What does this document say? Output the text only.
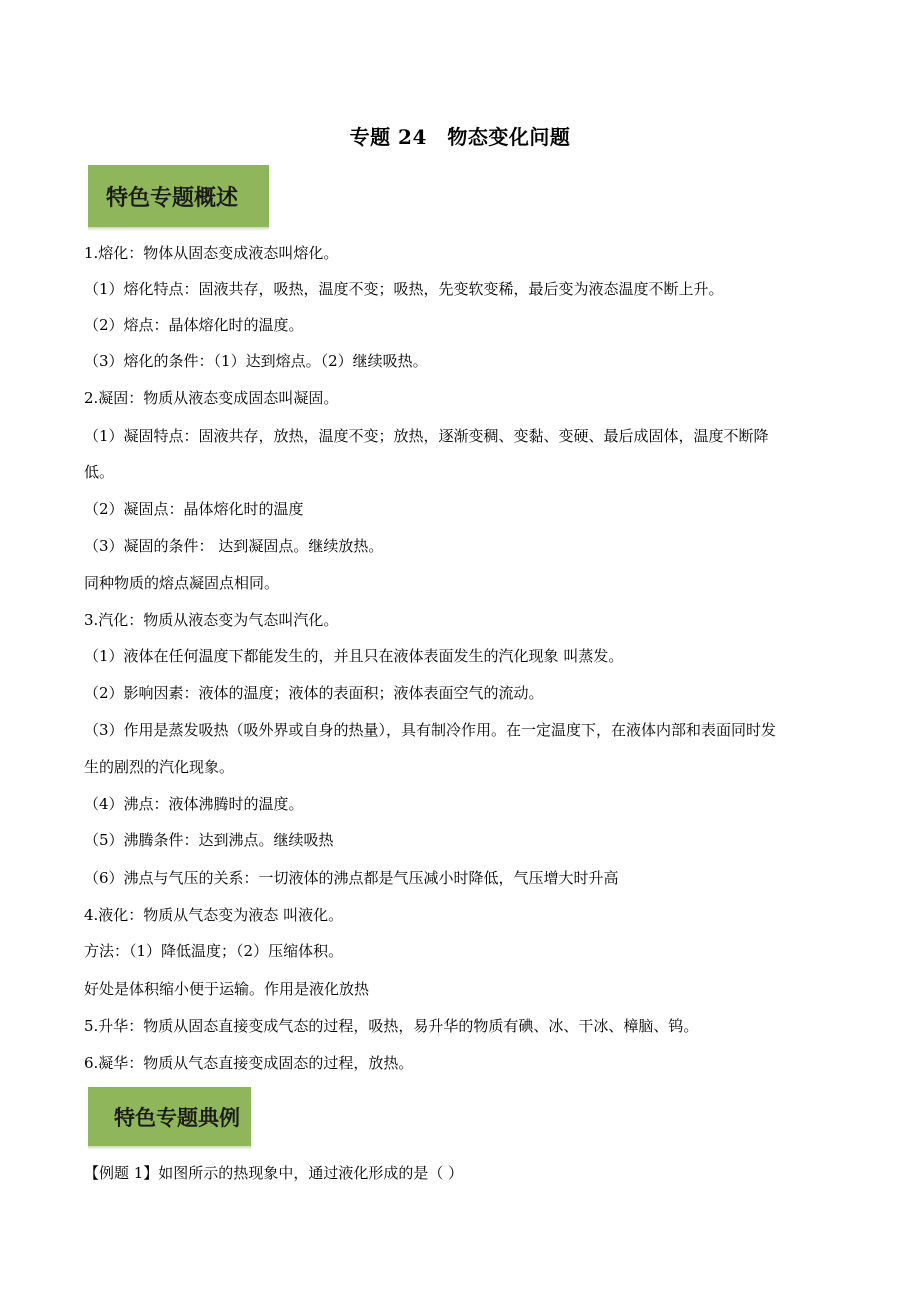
专题 24　物态变化问题
特色专题概述
1.熔化：物体从固态变成液态叫熔化。
（1）熔化特点：固液共存，吸热，温度不变；吸热，先变软变稀，最后变为液态温度不断上升。
（2）熔点：晶体熔化时的温度。
（3）熔化的条件：（1）达到熔点。（2）继续吸热。
2.凝固：物质从液态变成固态叫凝固。
（1）凝固特点：固液共存，放热，温度不变；放热，逐渐变稠、变黏、变硬、最后成固体，温度不断降
低。
（2）凝固点：晶体熔化时的温度
（3）凝固的条件： 达到凝固点。继续放热。
同种物质的熔点凝固点相同。
3.汽化：物质从液态变为气态叫汽化。
（1）液体在任何温度下都能发生的，并且只在液体表面发生的汽化现象 叫蒸发。
（2）影响因素：液体的温度；液体的表面积；液体表面空气的流动。
（3）作用是蒸发吸热（吸外界或自身的热量），具有制冷作用。在一定温度下，在液体内部和表面同时发
生的剧烈的汽化现象。
（4）沸点：液体沸腾时的温度。
（5）沸腾条件：达到沸点。继续吸热
（6）沸点与气压的关系：一切液体的沸点都是气压减小时降低，气压增大时升高
4.液化：物质从气态变为液态 叫液化。
方法：（1）降低温度；（2）压缩体积。
好处是体积缩小便于运输。作用是液化放热
5.升华：物质从固态直接变成气态的过程，吸热，易升华的物质有碘、冰、干冰、樟脑、钨。
6.凝华：物质从气态直接变成固态的过程，放热。
特色专题典例
【例题 1】如图所示的热现象中，通过液化形成的是（ ）
